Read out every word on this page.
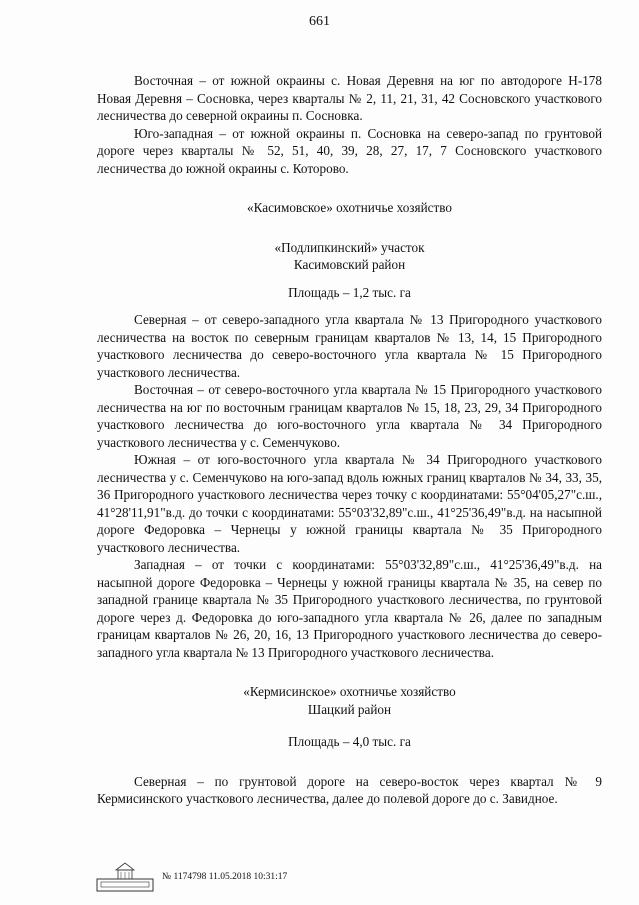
661

Восточная – от южной окраины с. Новая Деревня на юг по автодороге Н-178 Новая Деревня – Сосновка, через кварталы № 2, 11, 21, 31, 42 Сосновского участкового лесничества до северной окраины п. Сосновка.

Юго-западная – от южной окраины п. Сосновка на северо-запад по грунтовой дороге через кварталы № 52, 51, 40, 39, 28, 27, 17, 7 Сосновского участкового лесничества до южной окраины с. Которово.

«Касимовское» охотничье хозяйство

«Подлипкинский» участок

Касимовский район

Площадь – 1,2 тыс. га

Северная – от северо-западного угла квартала № 13 Пригородного участкового лесничества на восток по северным границам кварталов № 13, 14, 15 Пригородного участкового лесничества до северо-восточного угла квартала № 15 Пригородного участкового лесничества.

Восточная – от северо-восточного угла квартала № 15 Пригородного участкового лесничества на юг по восточным границам кварталов № 15, 18, 23, 29, 34 Пригородного участкового лесничества до юго-восточного угла квартала № 34 Пригородного участкового лесничества у с. Семенчуково.

Южная – от юго-восточного угла квартала № 34 Пригородного участкового лесничества у с. Семенчуково на юго-запад вдоль южных границ кварталов № 34, 33, 35, 36 Пригородного участкового лесничества через точку с координатами: 55°04'05,27"с.ш., 41°28'11,91"в.д. до точки с координатами: 55°03'32,89"с.ш., 41°25'36,49"в.д. на насыпной дороге Федоровка – Чернецы у южной границы квартала № 35 Пригородного участкового лесничества.

Западная – от точки с координатами: 55°03'32,89"с.ш., 41°25'36,49"в.д. на насыпной дороге Федоровка – Чернецы у южной границы квартала № 35, на север по западной границе квартала № 35 Пригородного участкового лесничества, по грунтовой дороге через д. Федоровка до юго-западного угла квартала № 26, далее по западным границам кварталов № 26, 20, 16, 13 Пригородного участкового лесничества до северо-западного угла квартала № 13 Пригородного участкового лесничества.

«Кермисинское» охотничье хозяйство

Шацкий район

Площадь – 4,0 тыс. га

Северная – по грунтовой дороге на северо-восток через квартал № 9 Кермисинского участкового лесничества, далее до полевой дороге до с. Завидное.

№ 1174798 11.05.2018 10:31:17
